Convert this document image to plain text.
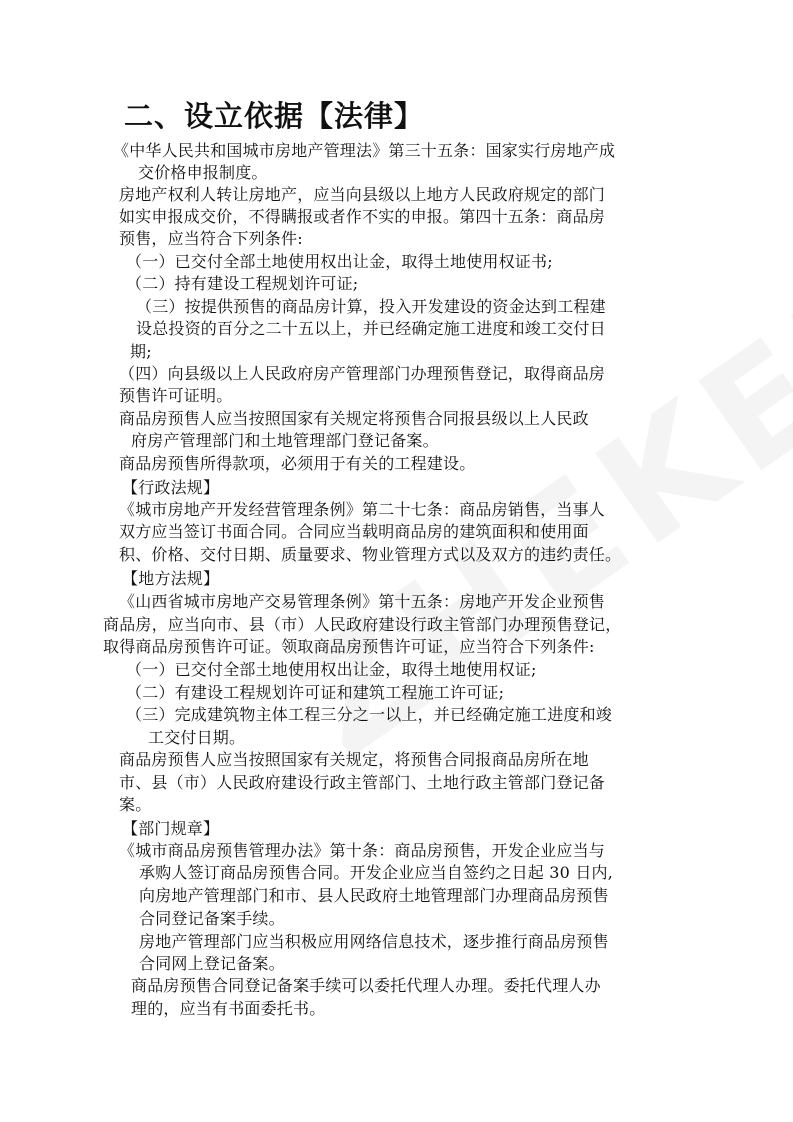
二、设立依据【法律】

《中华人民共和国城市房地产管理法》第三十五条：国家实行房地产成

交价格申报制度。

房地产权利人转让房地产，应当向县级以上地方人民政府规定的部门

如实申报成交价，不得瞒报或者作不实的申报。第四十五条：商品房

预售，应当符合下列条件:

（一）已交付全部土地使用权出让金，取得土地使用权证书;

（二）持有建设工程规划许可证;

（三）按提供预售的商品房计算，投入开发建设的资金达到工程建

设总投资的百分之二十五以上，并已经确定施工进度和竣工交付日

期;

（四）向县级以上人民政府房产管理部门办理预售登记，取得商品房

预售许可证明。

商品房预售人应当按照国家有关规定将预售合同报县级以上人民政

府房产管理部门和土地管理部门登记备案。

商品房预售所得款项，必须用于有关的工程建设。

【行政法规】

《城市房地产开发经营管理条例》第二十七条：商品房销售，当事人

双方应当签订书面合同。合同应当载明商品房的建筑面积和使用面

积、价格、交付日期、质量要求、物业管理方式以及双方的违约责任。

【地方法规】

《山西省城市房地产交易管理条例》第十五条：房地产开发企业预售

商品房，应当向市、县（市）人民政府建设行政主管部门办理预售登记，

取得商品房预售许可证。领取商品房预售许可证，应当符合下列条件:

（一）已交付全部土地使用权出让金，取得土地使用权证;

（二）有建设工程规划许可证和建筑工程施工许可证;

（三）完成建筑物主体工程三分之一以上，并已经确定施工进度和竣

工交付日期。

商品房预售人应当按照国家有关规定，将预售合同报商品房所在地

市、县（市）人民政府建设行政主管部门、土地行政主管部门登记备

案。

【部门规章】

《城市商品房预售管理办法》第十条：商品房预售，开发企业应当与

承购人签订商品房预售合同。开发企业应当自签约之日起 30 日内,

向房地产管理部门和市、县人民政府土地管理部门办理商品房预售

合同登记备案手续。

房地产管理部门应当积极应用网络信息技术，逐步推行商品房预售

合同网上登记备案。

商品房预售合同登记备案手续可以委托代理人办理。委托代理人办

理的，应当有书面委托书。
